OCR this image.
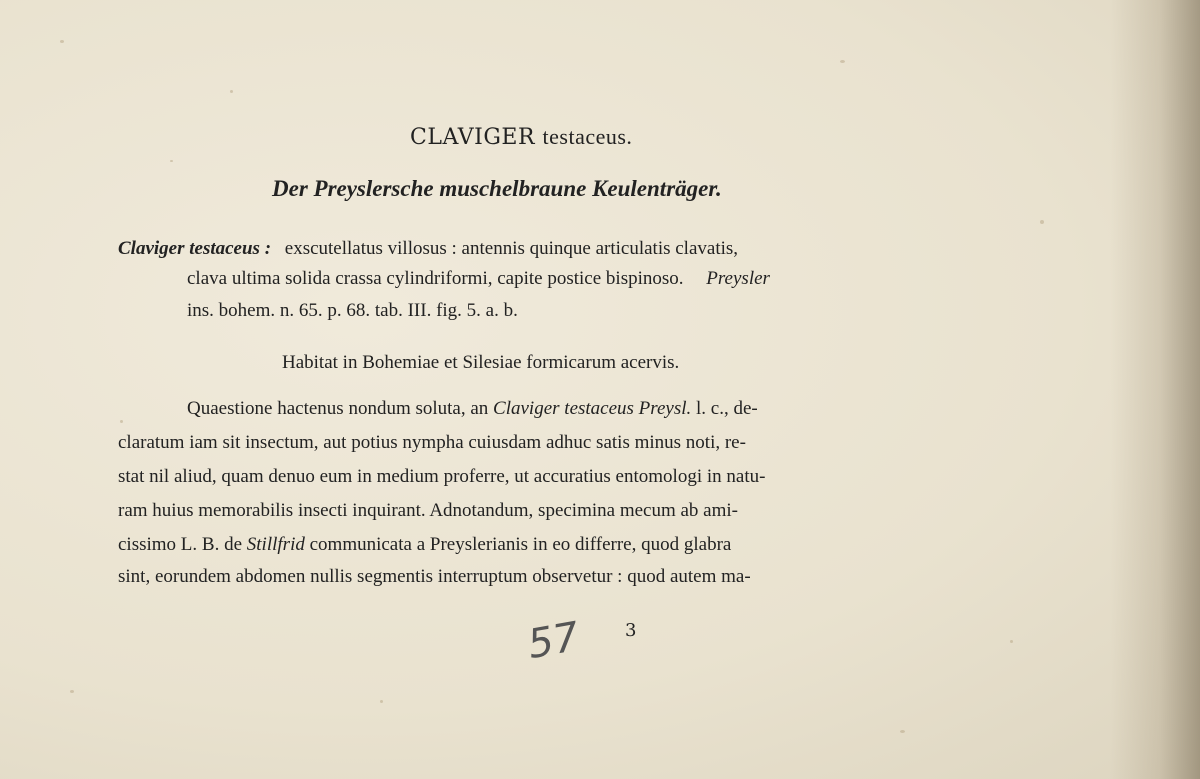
CLAVIGER testaceus.
Der Preyslersche muschelbraune Keulenträger.
Claviger testaceus : exscutellatus villosus : antennis quinque articulatis clavatis,
clava ultima solida crassa cylindriformi, capite postice bispinoso. Preysler
ins. bohem. n. 65. p. 68. tab. III. fig. 5. a. b.
Habitat in Bohemiae et Silesiae formicarum acervis.
Quaestione hactenus nondum soluta, an Claviger testaceus Preysl. l. c., de-
claratum iam sit insectum, aut potius nympha cuiusdam adhuc satis minus noti, re-
stat nil aliud, quam denuo eum in medium proferre, ut accuratius entomologi in natu-
ram huius memorabilis insecti inquirant. Adnotandum, specimina mecum ab ami-
cissimo L. B. de Stillfrid communicata a Preyslerianis in eo differre, quod glabra
sint, eorundem abdomen nullis segmentis interruptum observetur : quod autem ma-
57 3
